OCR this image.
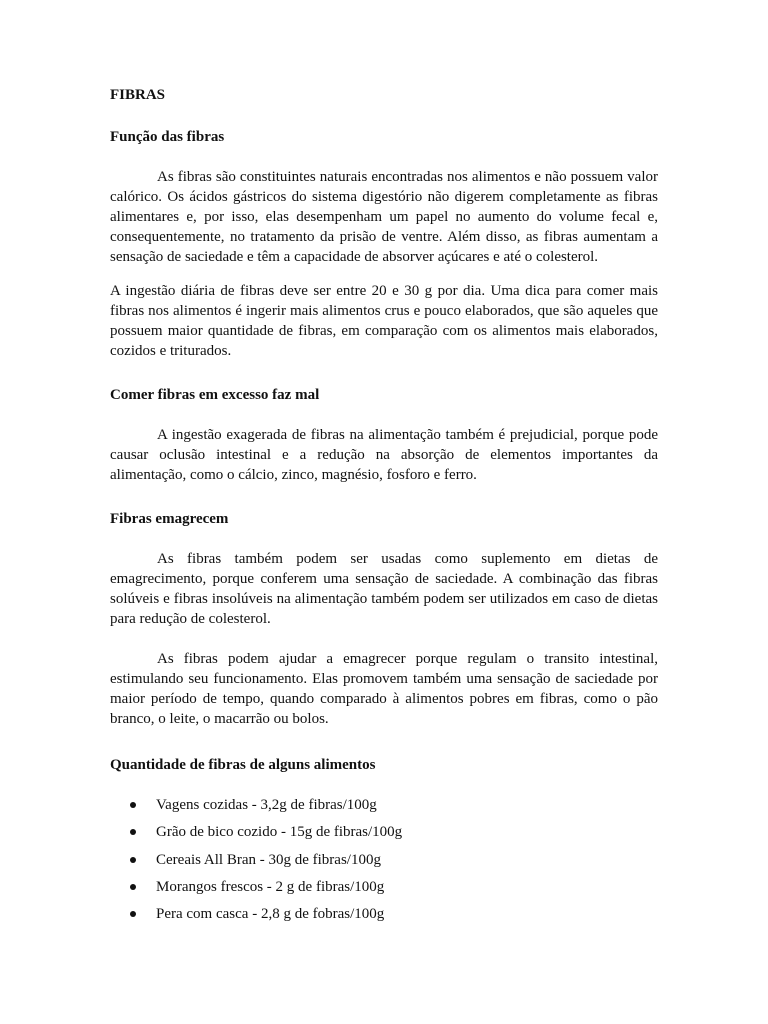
FIBRAS
Função das fibras

As fibras são constituintes naturais encontradas nos alimentos e não possuem valor calórico. Os ácidos gástricos do sistema digestório não digerem completamente as fibras alimentares e, por isso, elas desempenham um papel no aumento do volume fecal e, consequentemente, no tratamento da prisão de ventre. Além disso, as fibras aumentam a sensação de saciedade e têm a capacidade de absorver açúcares e até o colesterol.

A ingestão diária de fibras deve ser entre 20 e 30 g por dia. Uma dica para comer mais fibras nos alimentos é ingerir mais alimentos crus e pouco elaborados, que são aqueles que possuem maior quantidade de fibras, em comparação com os alimentos mais elaborados, cozidos e triturados.

Comer fibras em excesso faz mal

A ingestão exagerada de fibras na alimentação também é prejudicial, porque pode causar oclusão intestinal e a redução na absorção de elementos importantes da alimentação, como o cálcio, zinco, magnésio, fosforo e ferro.

Fibras emagrecem

As fibras também podem ser usadas como suplemento em dietas de emagrecimento, porque conferem uma sensação de saciedade. A combinação das fibras solúveis e fibras insolúveis na alimentação também podem ser utilizados em caso de dietas para redução de colesterol.

As fibras podem ajudar a emagrecer porque regulam o transito intestinal, estimulando seu funcionamento. Elas promovem também uma sensação de saciedade por maior período de tempo, quando comparado à alimentos pobres em fibras, como o pão branco, o leite, o macarrão ou bolos.

Quantidade de fibras de alguns alimentos
Vagens cozidas - 3,2g de fibras/100g
Grão de bico cozido - 15g de fibras/100g
Cereais All Bran - 30g de fibras/100g
Morangos frescos - 2 g de fibras/100g
Pera com casca - 2,8 g de fobras/100g
